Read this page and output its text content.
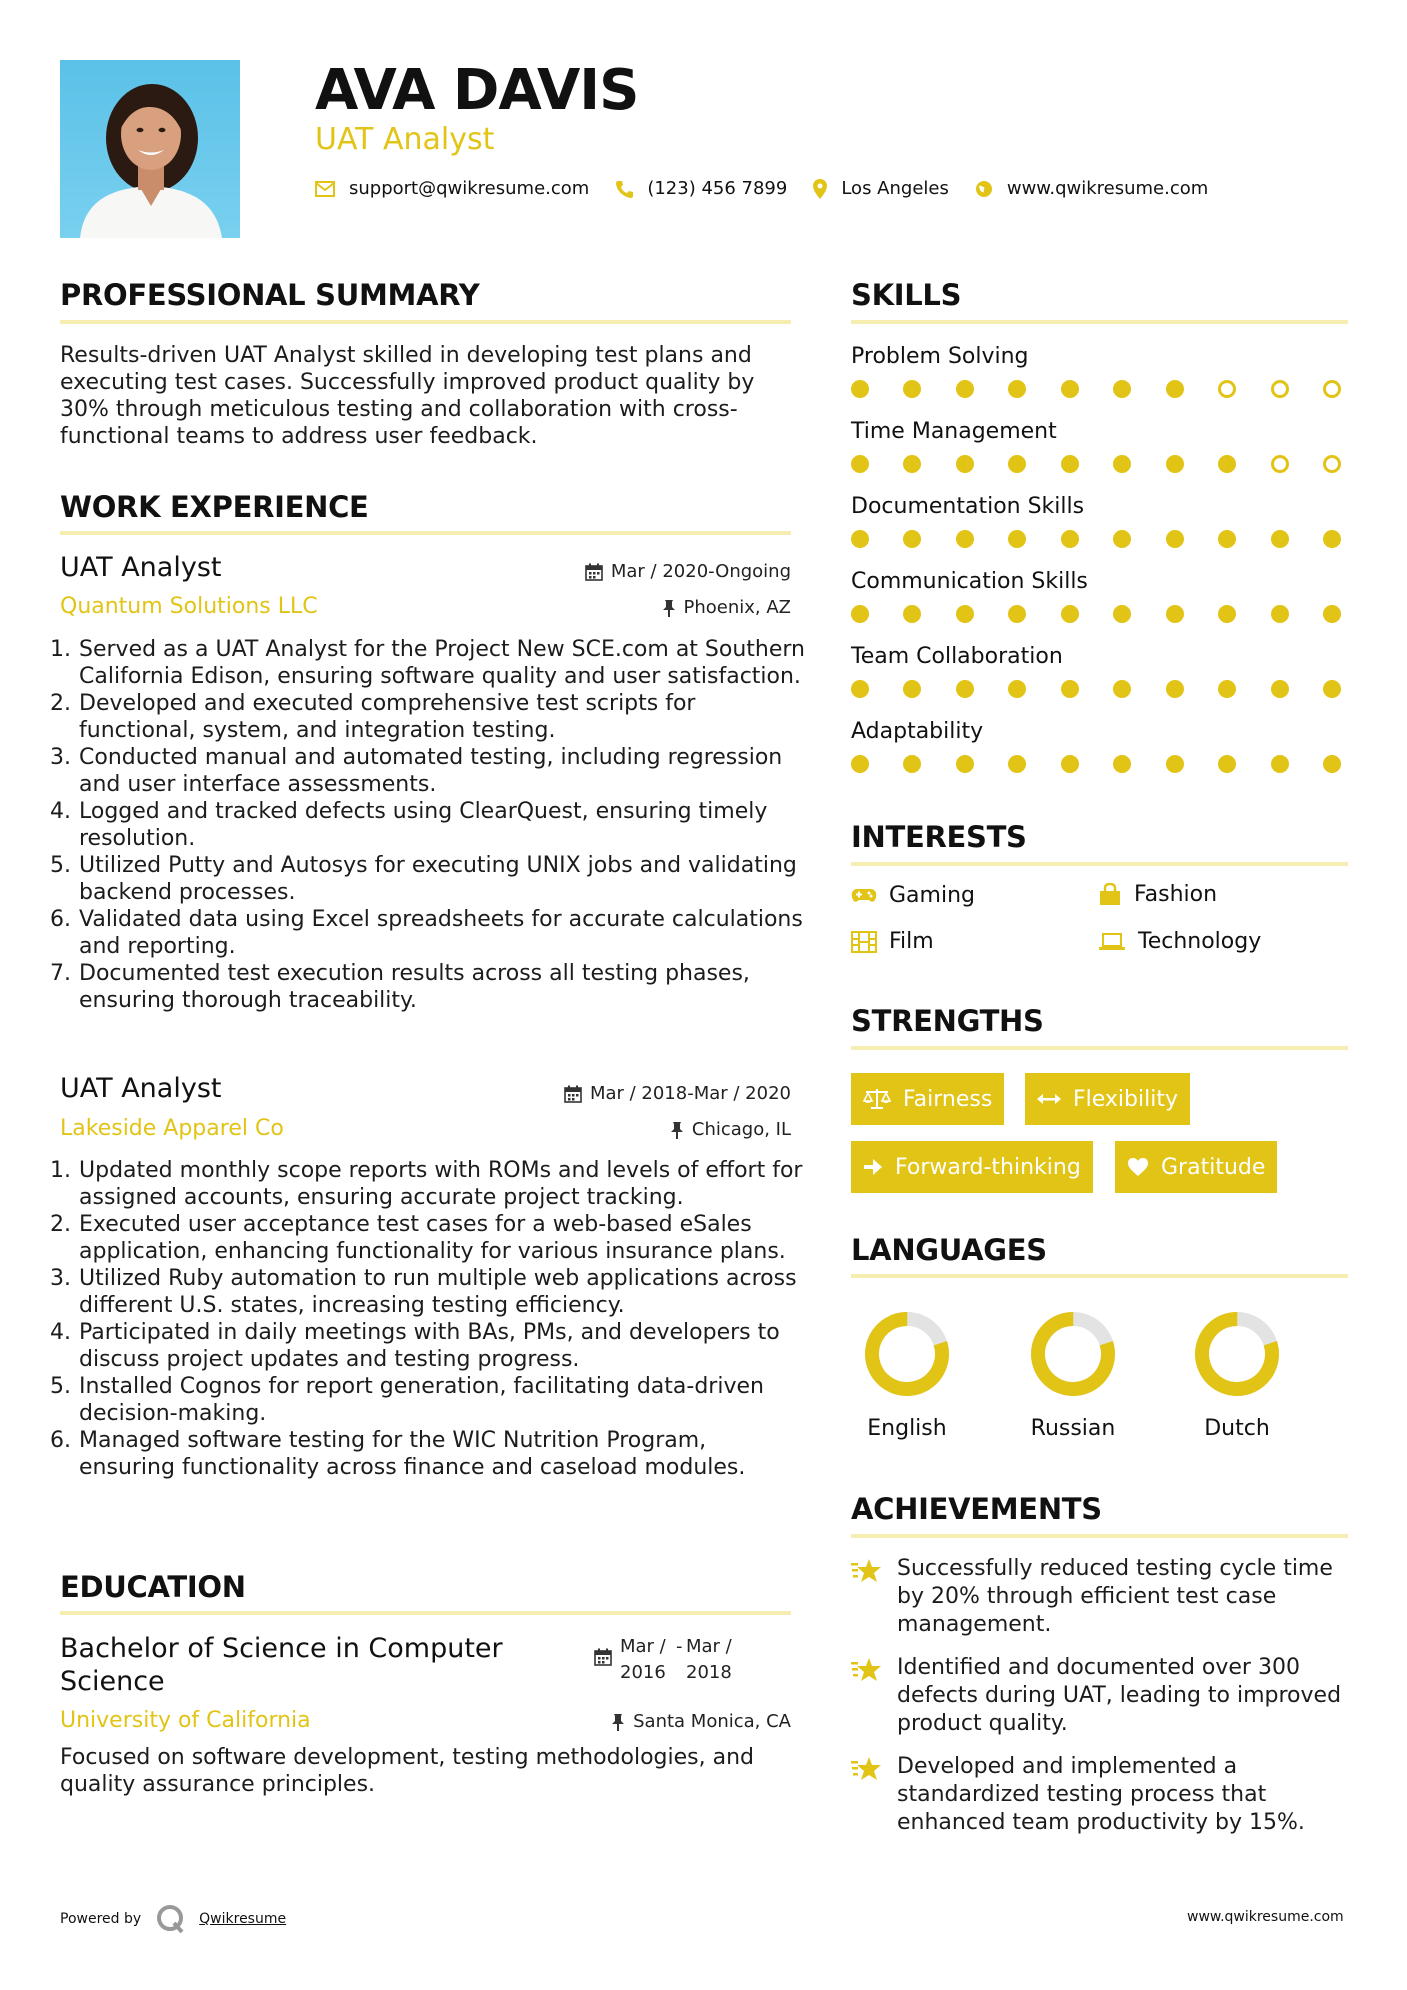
AVA DAVIS
UAT Analyst
support@qwikresume.com	(123) 456 7899	Los Angeles	www.qwikresume.com
PROFESSIONAL SUMMARY
Results-driven UAT Analyst skilled in developing test plans and executing test cases. Successfully improved product quality by 30% through meticulous testing and collaboration with cross-functional teams to address user feedback.
WORK EXPERIENCE
UAT Analyst	Mar / 2020-Ongoing
Quantum Solutions LLC	Phoenix, AZ
1. Served as a UAT Analyst for the Project New SCE.com at Southern California Edison, ensuring software quality and user satisfaction.
2. Developed and executed comprehensive test scripts for functional, system, and integration testing.
3. Conducted manual and automated testing, including regression and user interface assessments.
4. Logged and tracked defects using ClearQuest, ensuring timely resolution.
5. Utilized Putty and Autosys for executing UNIX jobs and validating backend processes.
6. Validated data using Excel spreadsheets for accurate calculations and reporting.
7. Documented test execution results across all testing phases, ensuring thorough traceability.
UAT Analyst	Mar / 2018-Mar / 2020
Lakeside Apparel Co	Chicago, IL
1. Updated monthly scope reports with ROMs and levels of effort for assigned accounts, ensuring accurate project tracking.
2. Executed user acceptance test cases for a web-based eSales application, enhancing functionality for various insurance plans.
3. Utilized Ruby automation to run multiple web applications across different U.S. states, increasing testing efficiency.
4. Participated in daily meetings with BAs, PMs, and developers to discuss project updates and testing progress.
5. Installed Cognos for report generation, facilitating data-driven decision-making.
6. Managed software testing for the WIC Nutrition Program, ensuring functionality across finance and caseload modules.
EDUCATION
Bachelor of Science in Computer Science
Mar / 2016
- Mar / 2018
University of California	Santa Monica, CA
Focused on software development, testing methodologies, and quality assurance principles.
Powered by	Qwikresume	www.qwikresume.com
SKILLS
Problem Solving
Time Management
Documentation Skills
Communication Skills
Team Collaboration
Adaptability
INTERESTS
Gaming	Fashion
Film	Technology
STRENGTHS
Fairness	Flexibility
Forward-thinking	Gratitude
LANGUAGES
English	Russian	Dutch
ACHIEVEMENTS
Successfully reduced testing cycle time by 20% through efficient test case management.
Identified and documented over 300 defects during UAT, leading to improved product quality.
Developed and implemented a standardized testing process that enhanced team productivity by 15%.
